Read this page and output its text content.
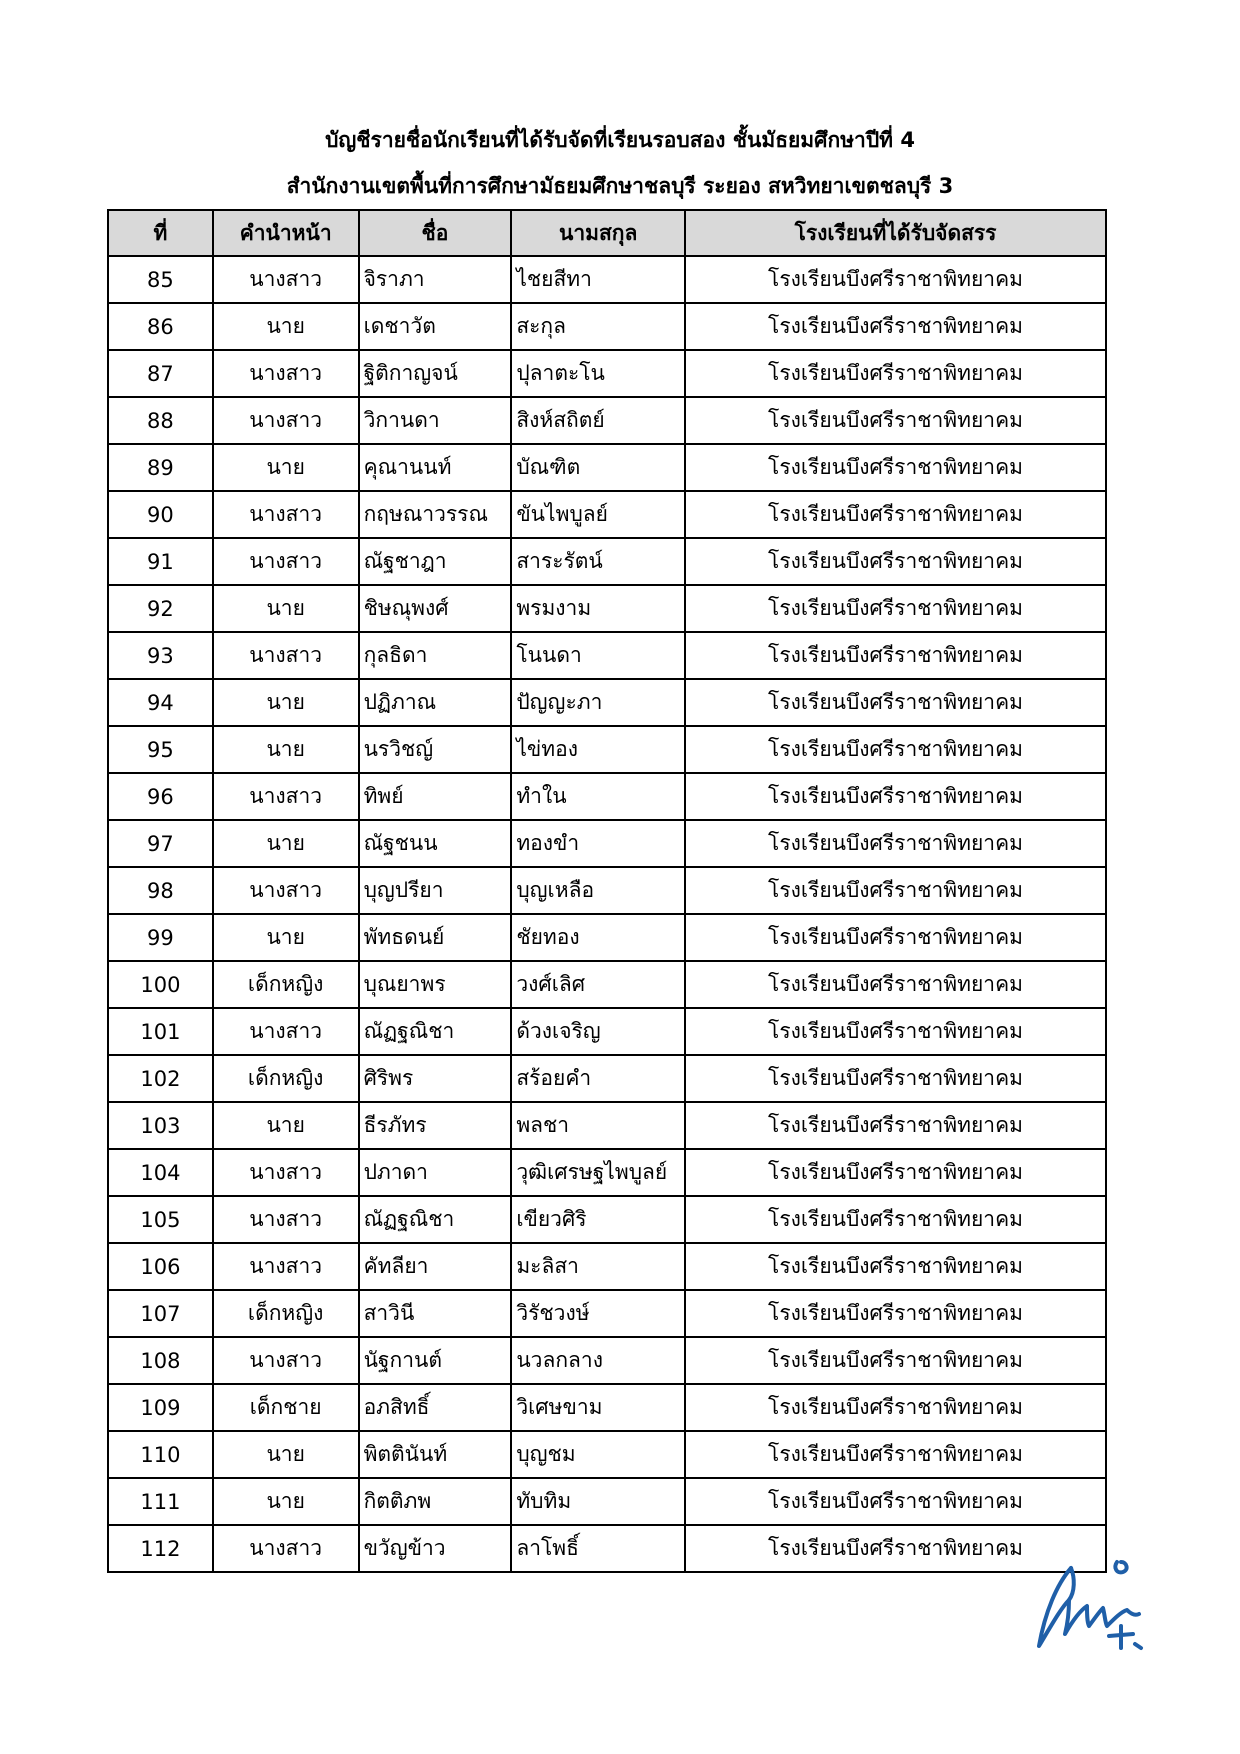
บัญชีรายชื่อนักเรียนที่ได้รับจัดที่เรียนรอบสอง ชั้นมัธยมศึกษาปีที่ 4
สำนักงานเขตพื้นที่การศึกษามัธยมศึกษาชลบุรี ระยอง สหวิทยาเขตชลบุรี 3
ที่	คำนำหน้า	ชื่อ	นามสกุล	โรงเรียนที่ได้รับจัดสรร
85	นางสาว	จิราภา	ไชยสีทา	โรงเรียนบึงศรีราชาพิทยาคม
86	นาย	เดชาวัต	สะกุล	โรงเรียนบึงศรีราชาพิทยาคม
87	นางสาว	ฐิติกาญจน์	ปุลาตะโน	โรงเรียนบึงศรีราชาพิทยาคม
88	นางสาว	วิกานดา	สิงห์สถิตย์	โรงเรียนบึงศรีราชาพิทยาคม
89	นาย	คุณานนท์	บัณฑิต	โรงเรียนบึงศรีราชาพิทยาคม
90	นางสาว	กฤษณาวรรณ	ขันไพบูลย์	โรงเรียนบึงศรีราชาพิทยาคม
91	นางสาว	ณัฐชาฎา	สาระรัตน์	โรงเรียนบึงศรีราชาพิทยาคม
92	นาย	ชิษณุพงศ์	พรมงาม	โรงเรียนบึงศรีราชาพิทยาคม
93	นางสาว	กุลธิดา	โนนดา	โรงเรียนบึงศรีราชาพิทยาคม
94	นาย	ปฏิภาณ	ปัญญะภา	โรงเรียนบึงศรีราชาพิทยาคม
95	นาย	นรวิชญ์	ไข่ทอง	โรงเรียนบึงศรีราชาพิทยาคม
96	นางสาว	ทิพย์	ทำใน	โรงเรียนบึงศรีราชาพิทยาคม
97	นาย	ณัฐชนน	ทองขำ	โรงเรียนบึงศรีราชาพิทยาคม
98	นางสาว	บุญปรียา	บุญเหลือ	โรงเรียนบึงศรีราชาพิทยาคม
99	นาย	พัทธดนย์	ชัยทอง	โรงเรียนบึงศรีราชาพิทยาคม
100	เด็กหญิง	บุณยาพร	วงศ์เลิศ	โรงเรียนบึงศรีราชาพิทยาคม
101	นางสาว	ณัฏฐณิชา	ด้วงเจริญ	โรงเรียนบึงศรีราชาพิทยาคม
102	เด็กหญิง	ศิริพร	สร้อยคำ	โรงเรียนบึงศรีราชาพิทยาคม
103	นาย	ธีรภัทร	พลชา	โรงเรียนบึงศรีราชาพิทยาคม
104	นางสาว	ปภาดา	วุฒิเศรษฐไพบูลย์	โรงเรียนบึงศรีราชาพิทยาคม
105	นางสาว	ณัฏฐณิชา	เขียวศิริ	โรงเรียนบึงศรีราชาพิทยาคม
106	นางสาว	คัทลียา	มะลิสา	โรงเรียนบึงศรีราชาพิทยาคม
107	เด็กหญิง	สาวินี	วิรัชวงษ์	โรงเรียนบึงศรีราชาพิทยาคม
108	นางสาว	นัฐกานต์	นวลกลาง	โรงเรียนบึงศรีราชาพิทยาคม
109	เด็กชาย	อภสิทธิ์	วิเศษขาม	โรงเรียนบึงศรีราชาพิทยาคม
110	นาย	พิตตินันท์	บุญชม	โรงเรียนบึงศรีราชาพิทยาคม
111	นาย	กิตติภพ	ทับทิม	โรงเรียนบึงศรีราชาพิทยาคม
112	นางสาว	ขวัญข้าว	ลาโพธิ์	โรงเรียนบึงศรีราชาพิทยาคม
